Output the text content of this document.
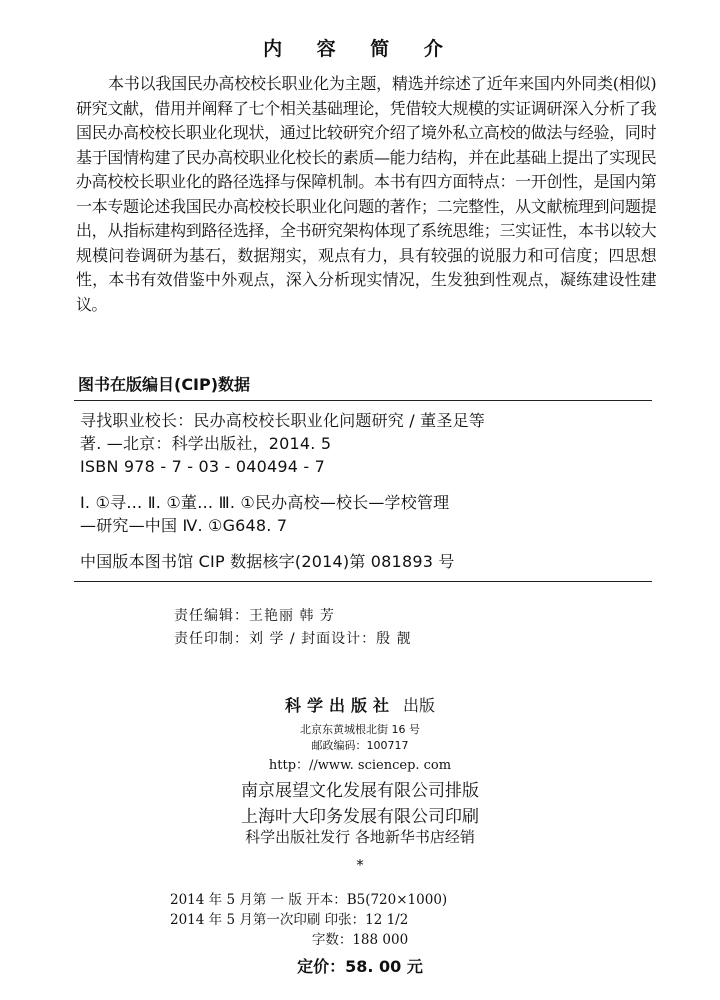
内 容 简 介
本书以我国民办高校校长职业化为主题，精选并综述了近年来国内外同类(相似)研究文献，借用并阐释了七个相关基础理论，凭借较大规模的实证调研深入分析了我国民办高校校长职业化现状，通过比较研究介绍了境外私立高校的做法与经验，同时基于国情构建了民办高校职业化校长的素质—能力结构，并在此基础上提出了实现民办高校校长职业化的路径选择与保障机制。本书有四方面特点：一开创性，是国内第一本专题论述我国民办高校校长职业化问题的著作；二完整性，从文献梳理到问题提出，从指标建构到路径选择，全书研究架构体现了系统思维；三实证性，本书以较大规模问卷调研为基石，数据翔实，观点有力，具有较强的说服力和可信度；四思想性，本书有效借鉴中外观点，深入分析现实情况，生发独到性观点，凝练建设性建议。
图书在版编目(CIP)数据
寻找职业校长：民办高校校长职业化问题研究 / 董圣足等
著. —北京：科学出版社，2014. 5
ISBN 978 - 7 - 03 - 040494 - 7
Ⅰ. ①寻… Ⅱ. ①董… Ⅲ. ①民办高校—校长—学校管理
—研究—中国 Ⅳ. ①G648. 7
中国版本图书馆 CIP 数据核字(2014)第 081893 号
责任编辑：王艳丽 韩 芳
责任印制：刘 学 / 封面设计：殷 靓
科学出版社 出版
北京东黄城根北街 16 号
邮政编码：100717
http：//www. sciencep. com
南京展望文化发展有限公司排版
上海叶大印务发展有限公司印刷
科学出版社发行 各地新华书店经销
*
2014 年 5 月第 一 版 开本：B5(720×1000)
2014 年 5 月第一次印刷 印张：12 1/2
字数：188 000
定价：58. 00 元
